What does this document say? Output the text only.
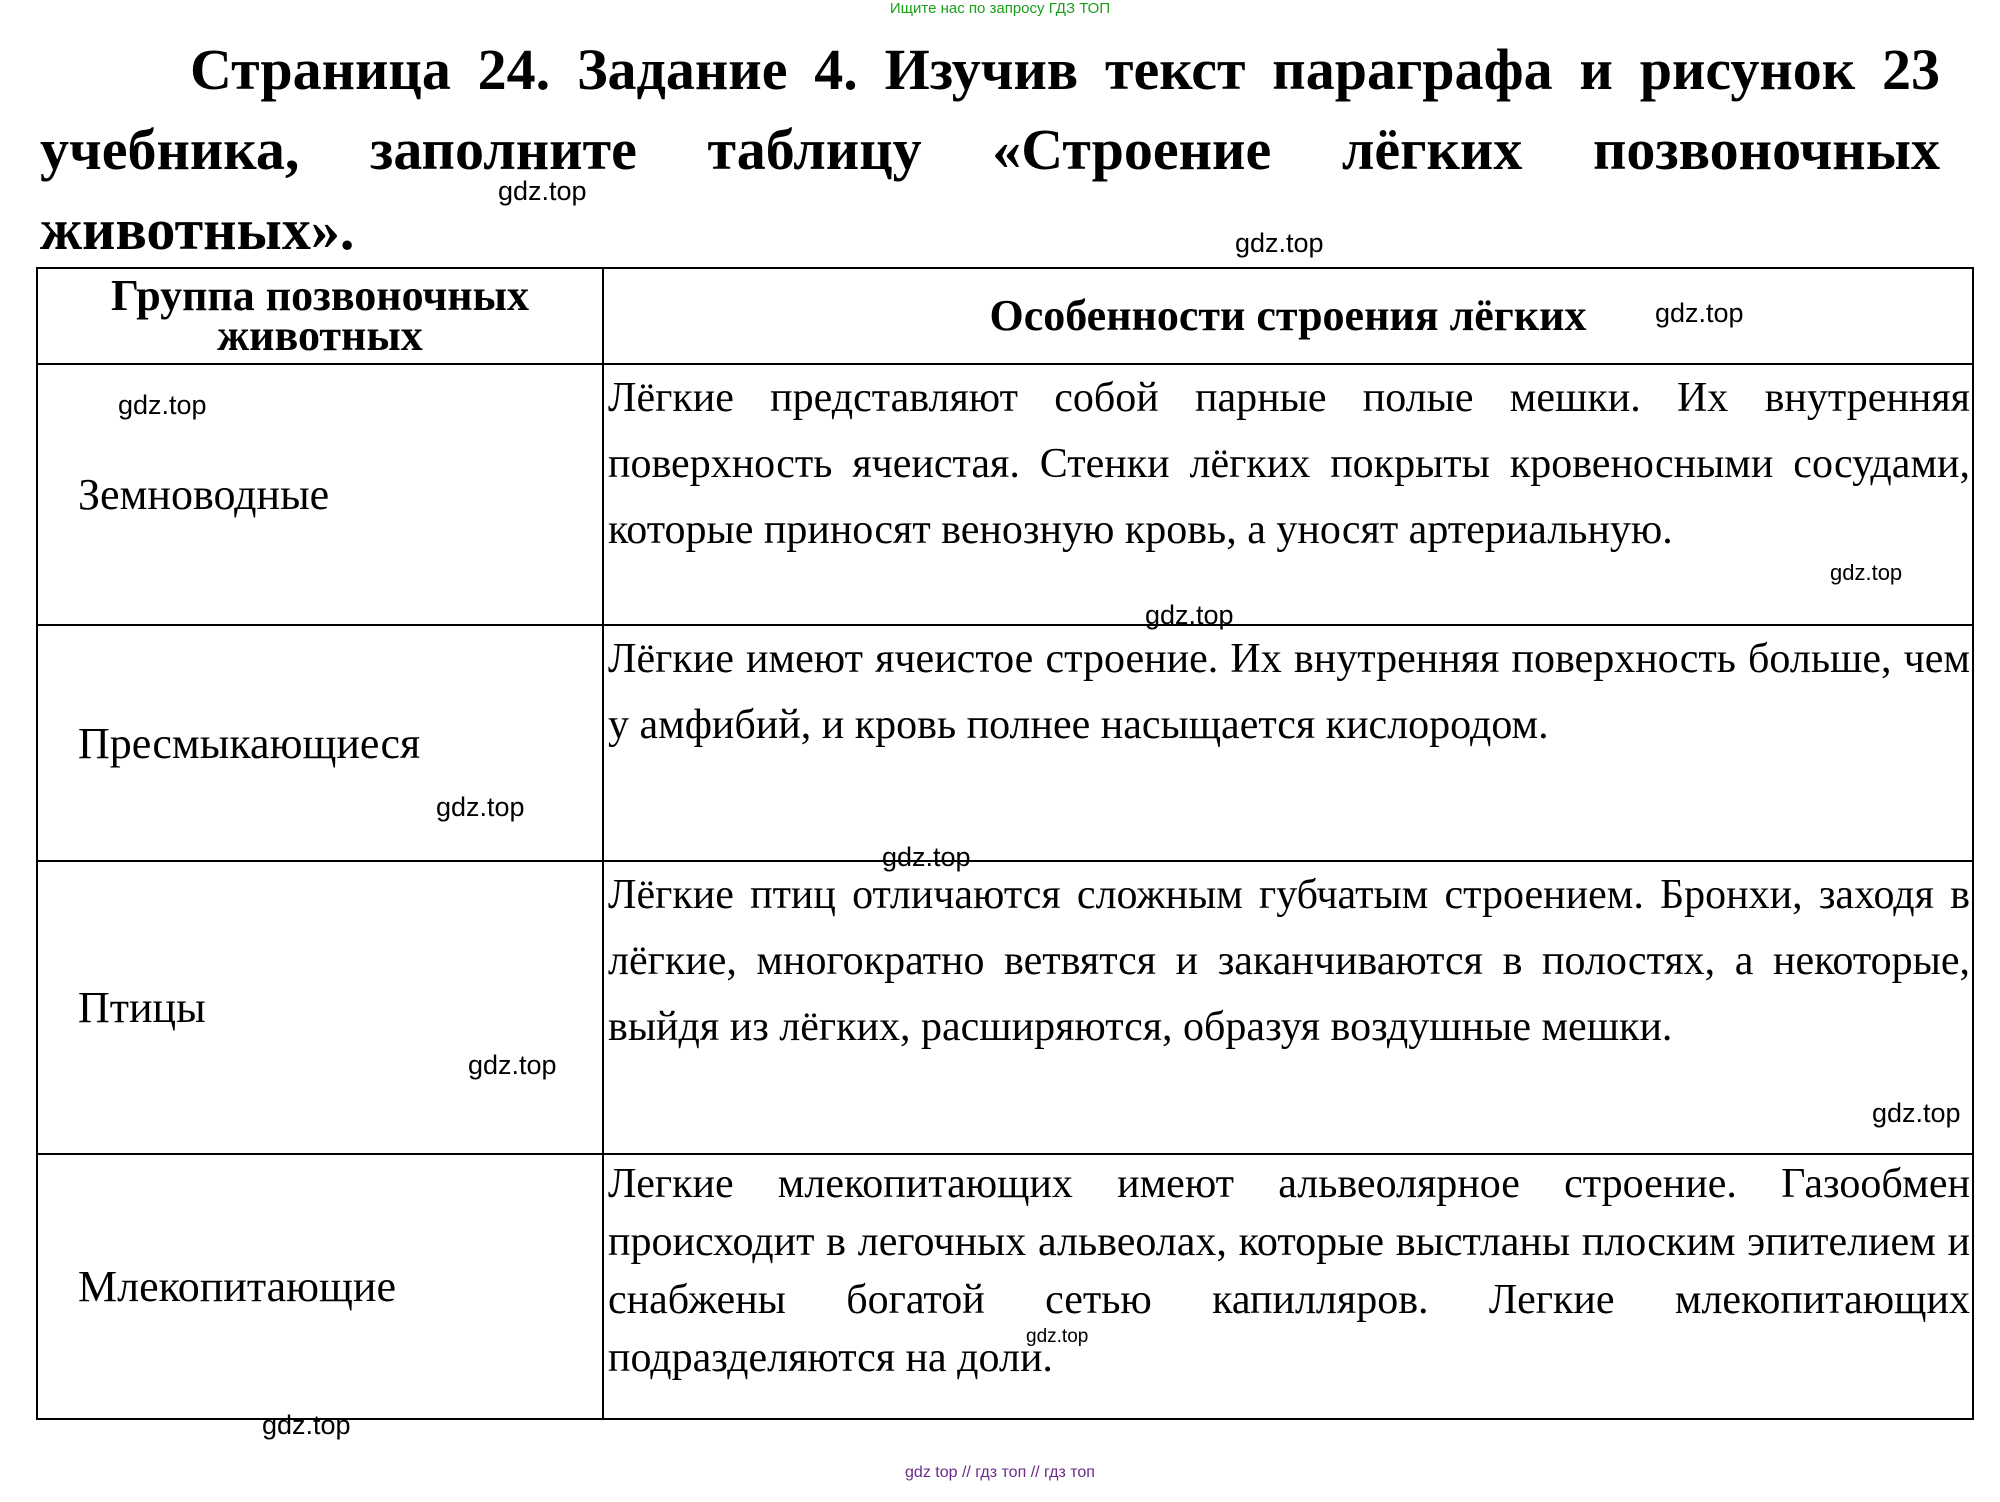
Ищите нас по запросу ГДЗ ТОП

Страница 24. Задание 4. Изучив текст параграфа и рисунок 23 учебника, заполните таблицу «Строение лёгких позвоночных животных».

Группа позвоночных животных	Особенности строения лёгких
Земноводные	Лёгкие представляют собой парные полые мешки. Их внутренняя поверхность ячеистая. Стенки лёгких покрыты кровеносными сосудами, которые приносят венозную кровь, а уносят артериальную.
Пресмыкающиеся	Лёгкие имеют ячеистое строение. Их внутренняя поверхность больше, чем у амфибий, и кровь полнее насыщается кислородом.
Птицы	Лёгкие птиц отличаются сложным губчатым строением. Бронхи, заходя в лёгкие, многократно ветвятся и заканчиваются в полостях, а некоторые, выйдя из лёгких, расширяются, образуя воздушные мешки.
Млекопитающие	Легкие млекопитающих имеют альвеолярное строение. Газообмен происходит в легочных альвеолах, которые выстланы плоским эпителием и снабжены богатой сетью капилляров. Легкие млекопитающих подразделяются на доли.
gdz.top
gdz.top
gdz.top
gdz.top
gdz.top
gdz.top
gdz.top
gdz.top
gdz.top
gdz.top
gdz.top
gdz.top
gdz top // гдз топ // гдз топ
